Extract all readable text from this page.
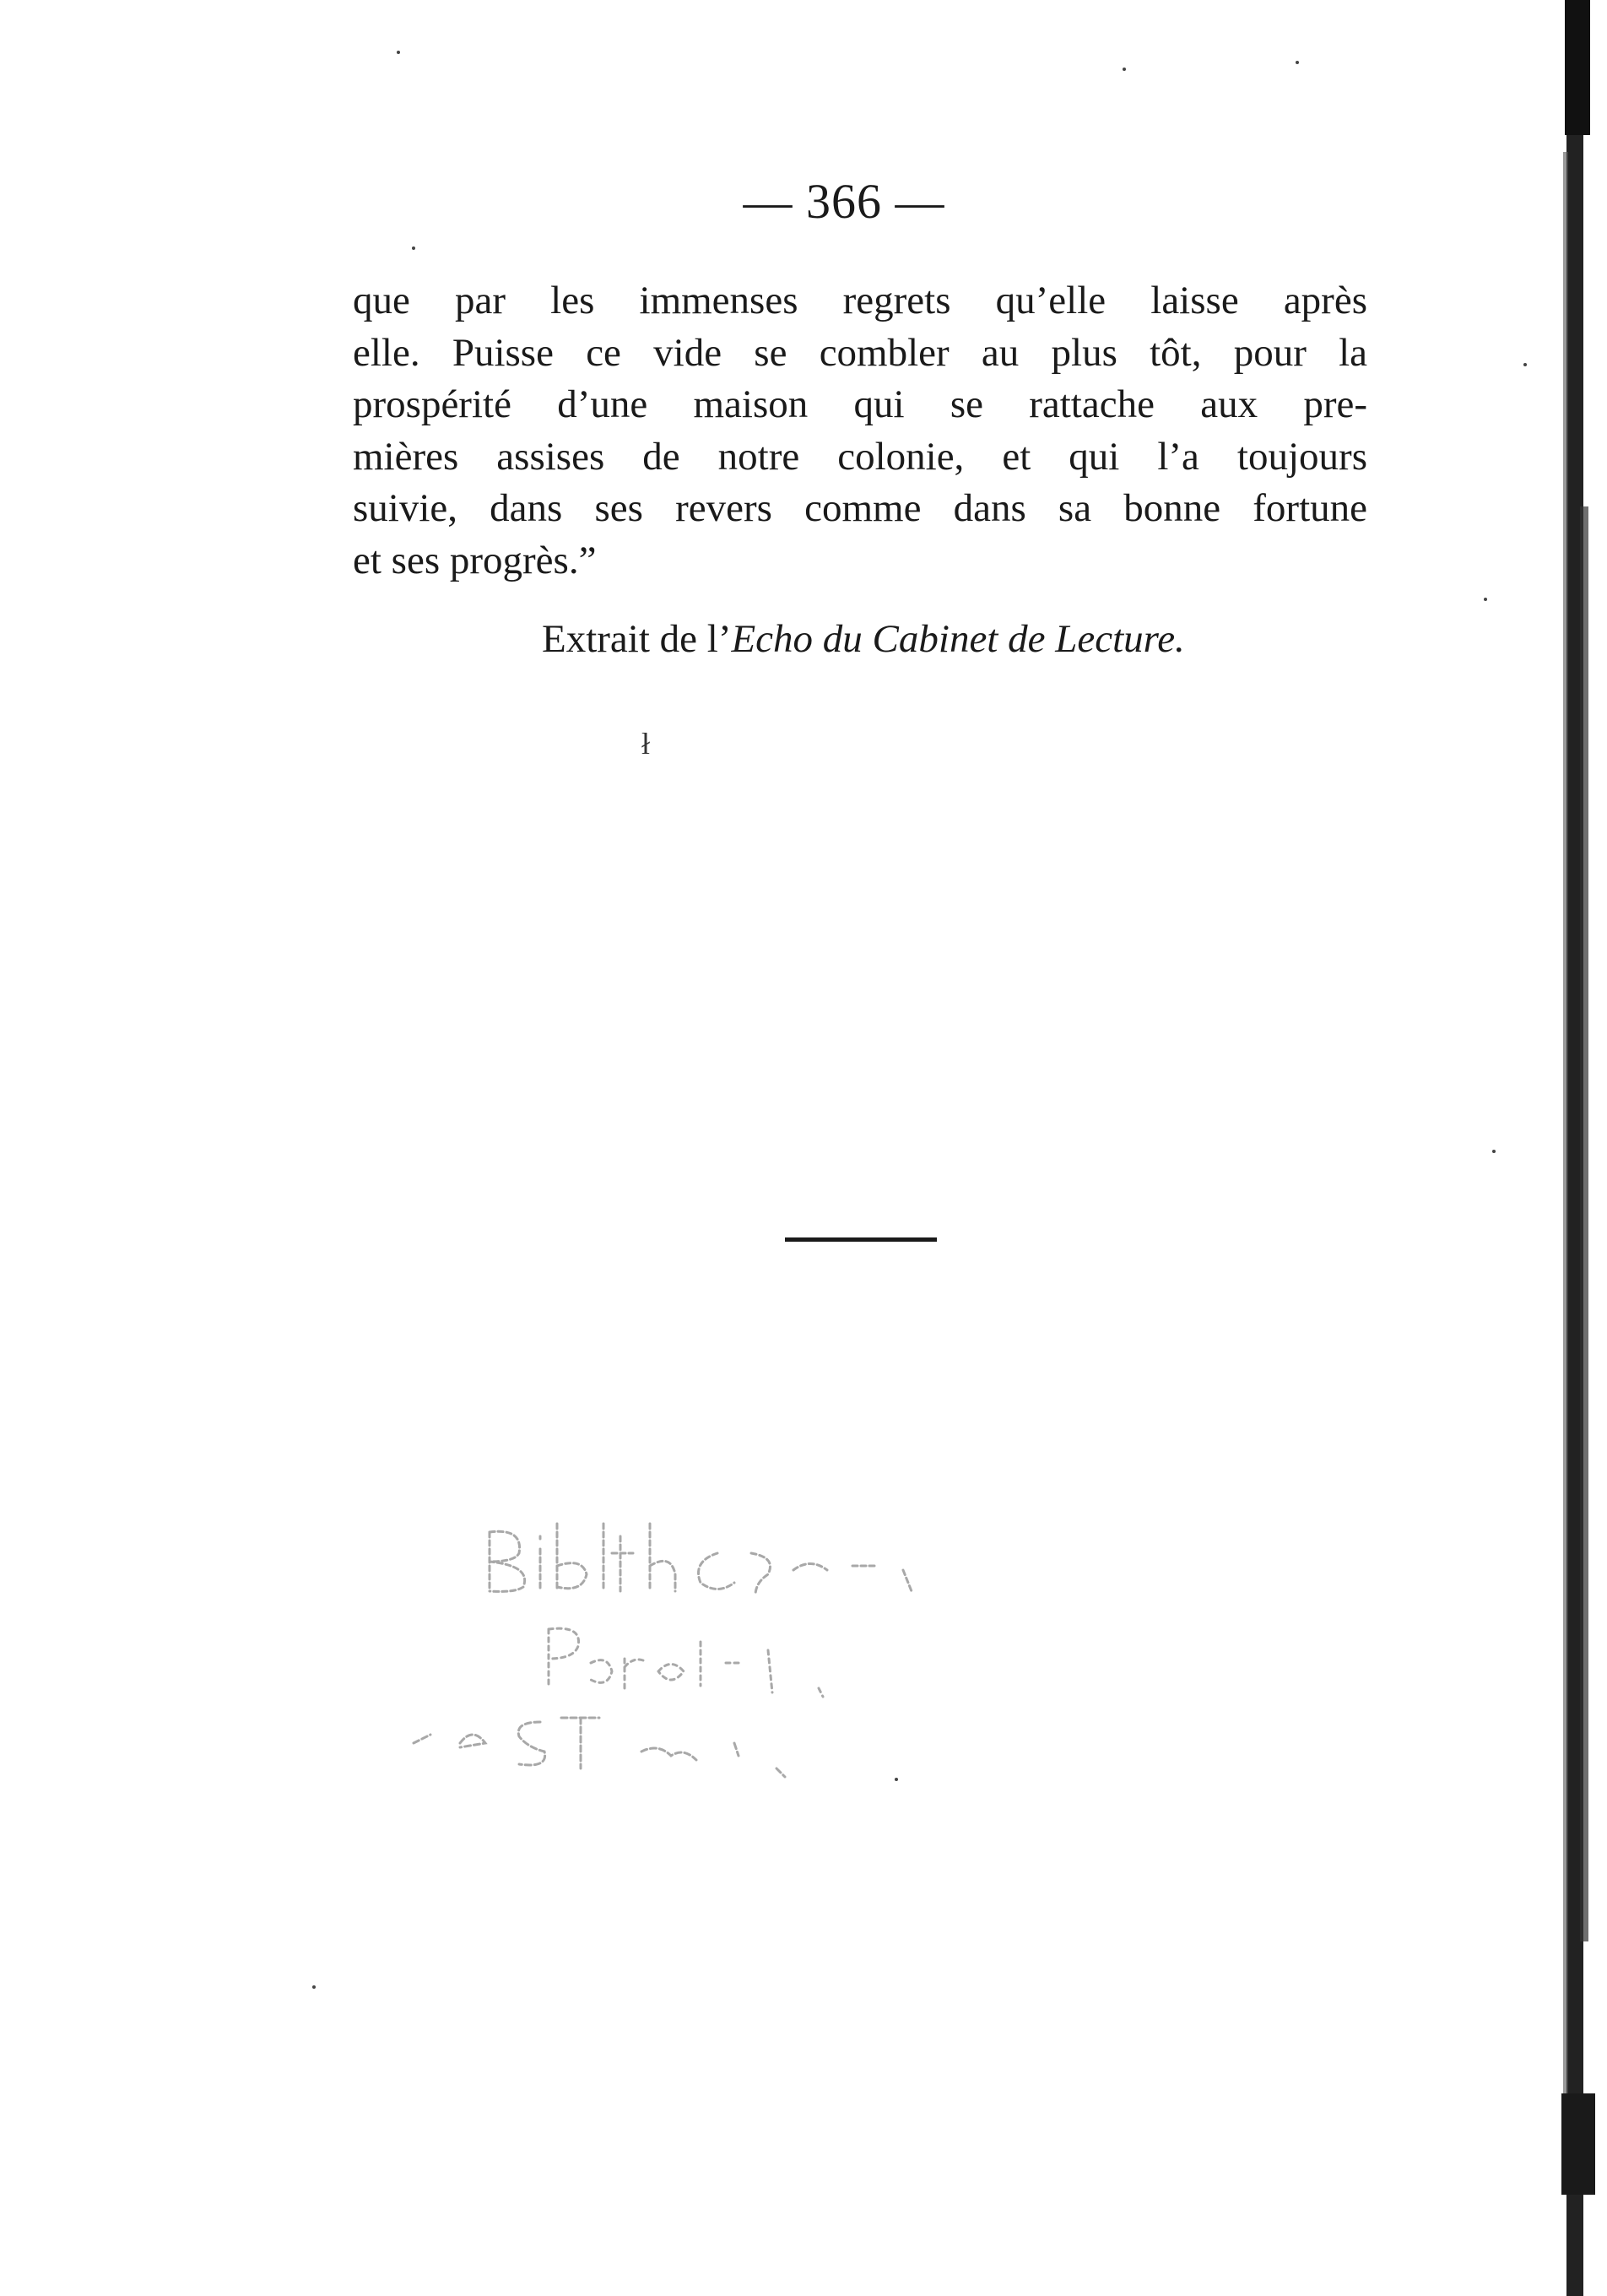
— 366 —
que par les immenses regrets qu’elle laisse après
elle. Puisse ce vide se combler au plus tôt, pour la
prospérité d’une maison qui se rattache aux pre-
mières assises de notre colonie, et qui l’a toujours
suivie, dans ses revers comme dans sa bonne fortune
et ses progrès.”
Extrait de l’Echo du Cabinet de Lecture.
ł
